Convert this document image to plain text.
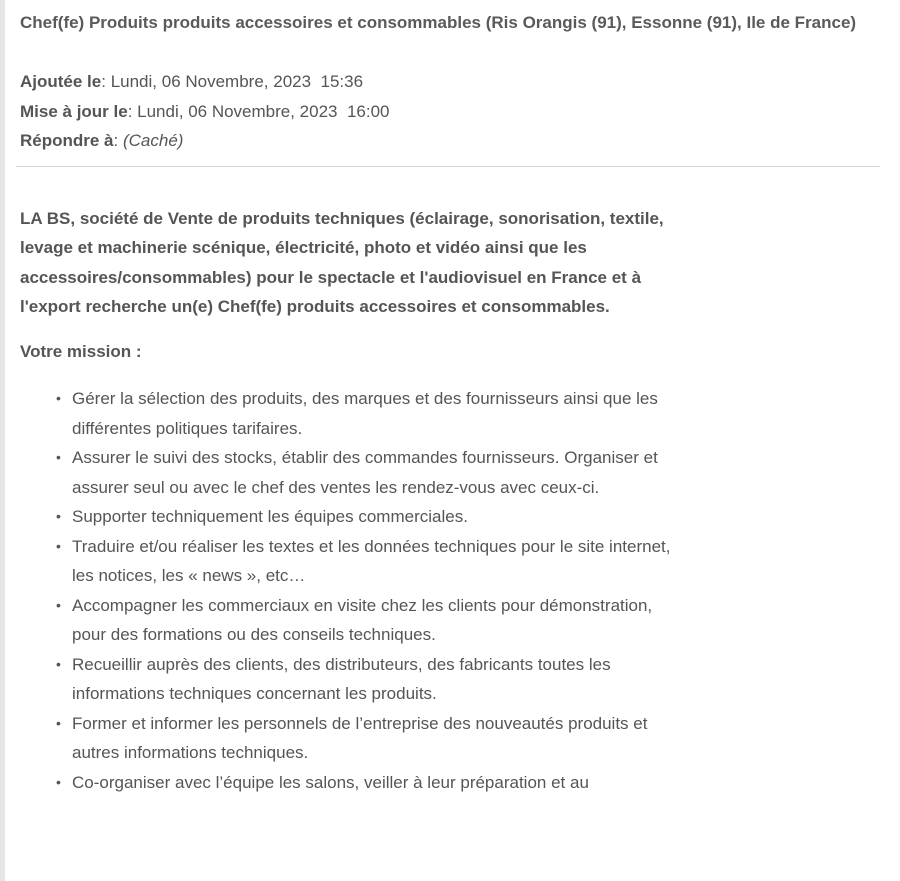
Chef(fe) Produits produits accessoires et consommables (Ris Orangis (91), Essonne (91), Ile de France)
Ajoutée le: Lundi, 06 Novembre, 2023  15:36
Mise à jour le: Lundi, 06 Novembre, 2023  16:00
Répondre à: (Caché)

LA BS, société de Vente de produits techniques (éclairage, sonorisation, textile, levage et machinerie scénique, électricité, photo et vidéo ainsi que les accessoires/consommables) pour le spectacle et l'audiovisuel en France et à l'export recherche un(e) Chef(fe) produits accessoires et consommables.

Votre mission :

• Gérer la sélection des produits, des marques et des fournisseurs ainsi que les différentes politiques tarifaires.
• Assurer le suivi des stocks, établir des commandes fournisseurs. Organiser et assurer seul ou avec le chef des ventes les rendez-vous avec ceux-ci.
• Supporter techniquement les équipes commerciales.
• Traduire et/ou réaliser les textes et les données techniques pour le site internet, les notices, les « news », etc…
• Accompagner les commerciaux en visite chez les clients pour démonstration, pour des formations ou des conseils techniques.
• Recueillir auprès des clients, des distributeurs, des fabricants toutes les informations techniques concernant les produits.
• Former et informer les personnels de l’entreprise des nouveautés produits et autres informations techniques.
• Co-organiser avec l’équipe les salons, veiller à leur préparation et au
